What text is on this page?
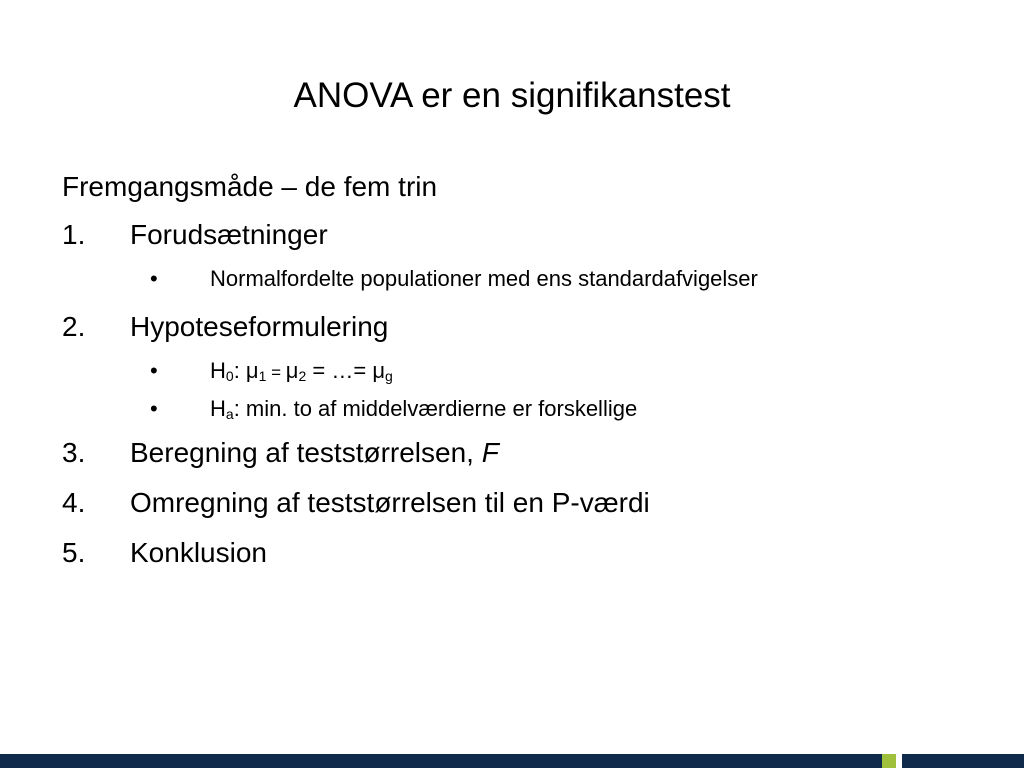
ANOVA er en signifikanstest
Fremgangsmåde – de fem trin
1. Forudsætninger
• Normalfordelte populationer med ens standardafvigelser
2. Hypoteseformulering
• $H_0$: $\mu_1 = \mu_2$ = …= $\mu_g$
• $H_a$: min. to af middelværdierne er forskellige
3. Beregning af teststørrelsen, F
4. Omregning af teststørrelsen til en P-værdi
5. Konklusion
